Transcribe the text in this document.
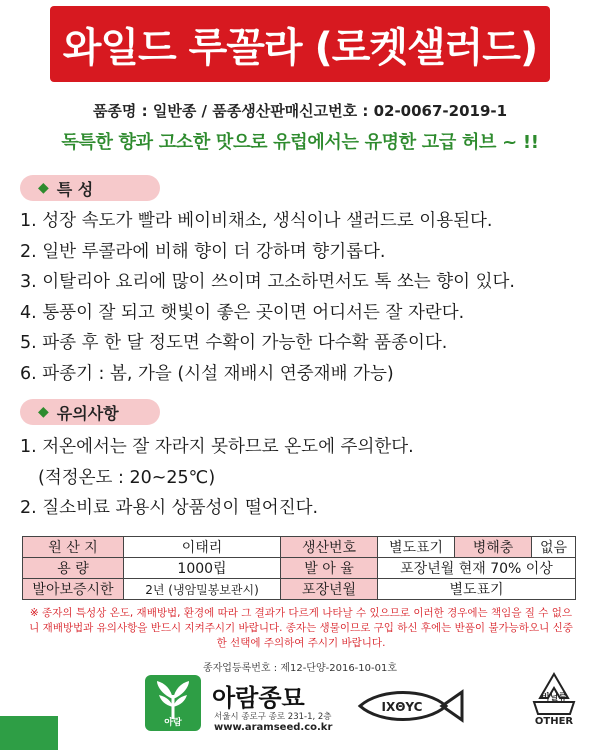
와일드 루꼴라 (로켓샐러드)
품종명 : 일반종 / 품종생산판매신고번호 : 02-0067-2019-1
독특한 향과 고소한 맛으로 유럽에서는 유명한 고급 허브 ~ !!
◆ 특 성
1. 성장 속도가 빨라 베이비채소, 생식이나 샐러드로 이용된다.
2. 일반 루콜라에 비해 향이 더 강하며 향기롭다.
3. 이탈리아 요리에 많이 쓰이며 고소하면서도 톡 쏘는 향이 있다.
4. 통풍이 잘 되고 햇빛이 좋은 곳이면 어디서든 잘 자란다.
5. 파종 후 한 달 정도면 수확이 가능한 다수확 품종이다.
6. 파종기 : 봄, 가을 (시설 재배시 연중재배 가능)
◆ 유의사항
1. 저온에서는 잘 자라지 못하므로 온도에 주의한다.
(적정온도 : 20~25℃)
2. 질소비료 과용시 상품성이 떨어진다.
원 산 지	이태리	생산번호	별도표기	병해충	없음
용 량	1000립	발 아 율	포장년월 현재 70% 이상		
발아보증시한	2년 (냉암밀봉보관시)	포장년월	별도표기		
※ 종자의 특성상 온도, 재배방법, 환경에 따라 그 결과가 다르게 나타날 수 있으므로 이러한 경우에는 책임을 질 수 없으니 재배방법과 유의사항을 반드시 지켜주시기 바랍니다. 종자는 생물이므로 구입 하신 후에는 반품이 불가능하오니 신중한 선택에 주의하여 주시기 바랍니다.
종자업등록번호 : 제12-단양-2016-10-01호
아람
아람종묘
서울시 종로구 종로 231-1, 2층
www.aramseed.co.kr
IXΘYC
비닐류
OTHER
